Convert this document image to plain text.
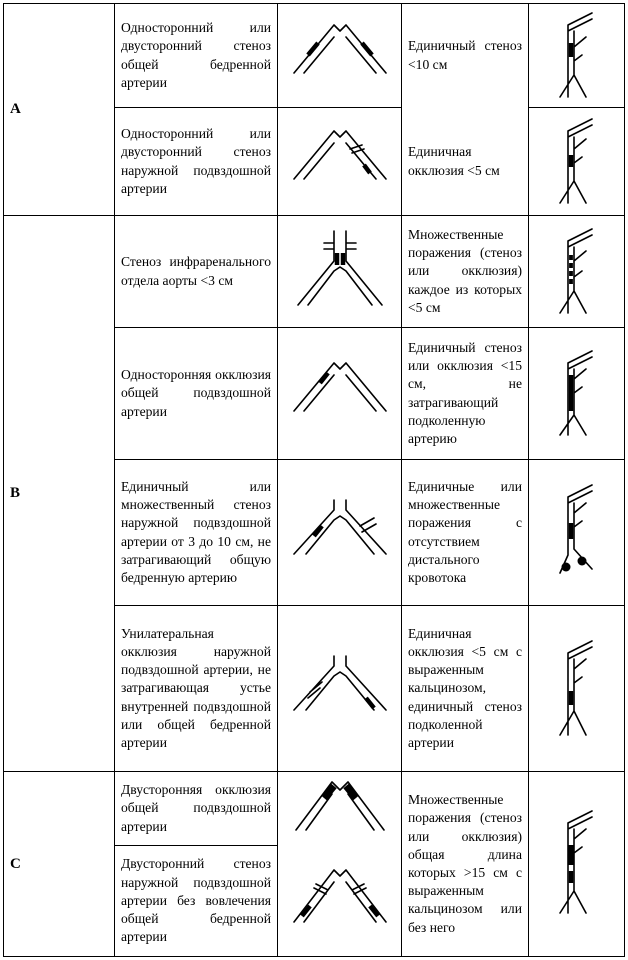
A
B
C
Односторонний или двусторонний стеноз общей бедренной артерии
Единичный стеноз <10 см
Односторонний или двусторонний стеноз наружной подвздошной артерии
Единичная окклюзия <5 см
Стеноз инфраренального отдела аорты <3 см
Множественные поражения (стеноз или окклюзия) каждое из которых <5 см
Односторонняя окклюзия общей подвздошной артерии
Единичный стеноз или окклюзия <15 см, не затрагивающий подколенную артерию
Единичный или множественный стеноз наружной подвздошной артерии от 3 до 10 см, не затрагивающий общую бедренную артерию
Единичные или множественные поражения с отсутствием дистального кровотока
Унилатеральная окклюзия наружной подвздошной артерии, не затрагивающая устье внутренней подвздошной или общей бедренной артерии
Единичная окклюзия <5 см с выраженным кальцинозом, единичный стеноз подколенной артерии
Двусторонняя окклюзия общей подвздошной артерии
Множественные поражения (стеноз или окклюзия) общая длина которых >15 см с выраженным кальцинозом или без него
Двусторонний стеноз наружной подвздошной артерии без вовлечения общей бедренной артерии
